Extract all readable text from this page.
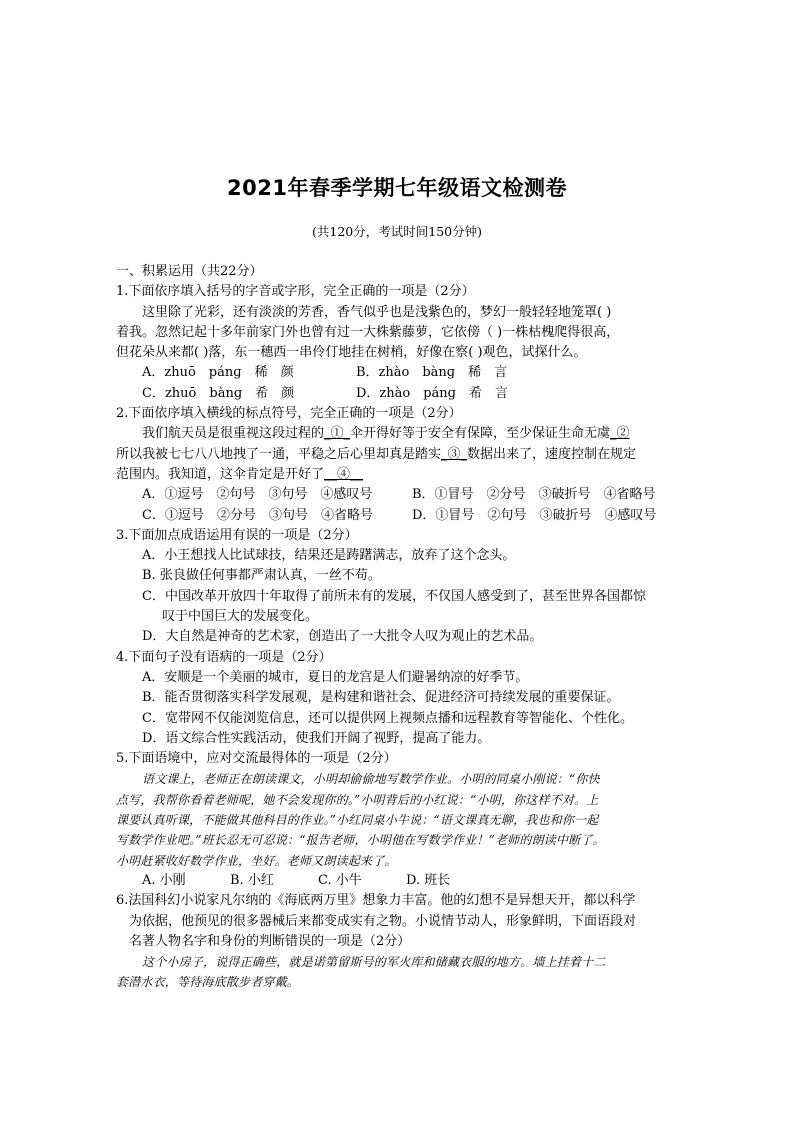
2021年春季学期七年级语文检测卷
(共120分，考试时间150分钟)
一、积累运用（共22分）
1.下面依序填入括号的字音或字形，完全正确的一项是（2分）
这里除了光彩，还有淡淡的芳香，香气似乎也是浅紫色的，梦幻一般轻轻地笼罩( )
着我。忽然记起十多年前家门外也曾有过一大株紫藤萝，它依傍（ )一株枯槐爬得很高，
但花朵从来都( )落，东一穗西一串伶仃地挂在树梢，好像在察( )观色，试探什么。
A．zhuō　pánɡ　稀　颜	B．zhào　bànɡ　稀　言
C．zhuō　bànɡ　希　颜	D．zhào　pánɡ　希　言
2.下面依序填入横线的标点符号，完全正确的一项是（2分）
我们航天员是很重视这段过程的_①_伞开得好等于安全有保障，至少保证生命无虞_②
所以我被七七八八地拽了一通，平稳之后心里却真是踏实_③_数据出来了，速度控制在规定
范围内。我知道，这伞肯定是开好了__④__
A．①逗号　②句号　③句号　④感叹号	B．①冒号　②分号　③破折号　④省略号
C．①逗号　②分号　③句号　④省略号	D．①冒号　②句号　③破折号　④感叹号
3.下面加点成语运用有误的一项是（2分）
A．小王想找人比试球技，结果还是踌躇满志，放弃了这个念头。
B. 张良做任何事都严肃认真，一丝不苟。
C．中国改革开放四十年取得了前所未有的发展，不仅国人感受到了，甚至世界各国都惊
叹于中国巨大的发展变化。
D．大自然是神奇的艺术家，创造出了一大批令人叹为观止的艺术品。
4.下面句子没有语病的一项是（2分）
A．安顺是一个美丽的城市，夏日的龙宫是人们避暑纳凉的好季节。
B．能否贯彻落实科学发展观，是构建和谐社会、促进经济可持续发展的重要保证。
C．宽带网不仅能浏览信息，还可以提供网上视频点播和远程教育等智能化、个性化。
D．语文综合性实践活动，使我们开阔了视野，提高了能力。
5.下面语境中，应对交流最得体的一项是（2分）
语文课上，老师正在朗读课文，小明却偷偷地写数学作业。小明的同桌小刚说：“你快
点写，我帮你看着老师呢，她不会发现你的。”小明背后的小红说：“小明，你这样不对。上
课要认真听课，不能做其他科目的作业。”小红同桌小牛说：“语文课真无聊，我也和你一起
写数学作业吧。”班长忍无可忍说：“报告老师，小明他在写数学作业！”老师的朗读中断了。
小明赶紧收好数学作业，坐好。老师又朗读起来了。
A. 小刚	B. 小红	C. 小牛	D. 班长
6.法国科幻小说家凡尔纳的《海底两万里》想象力丰富。他的幻想不是异想天开，都以科学
为依据，他预见的很多器械后来都变成实有之物。小说情节动人，形象鲜明，下面语段对
名著人物名字和身份的判断错误的一项是（2分）
这个小房子，说得正确些，就是诺第留斯号的军火库和储藏衣服的地方。墙上挂着十二
套潜水衣，等待海底散步者穿戴。
